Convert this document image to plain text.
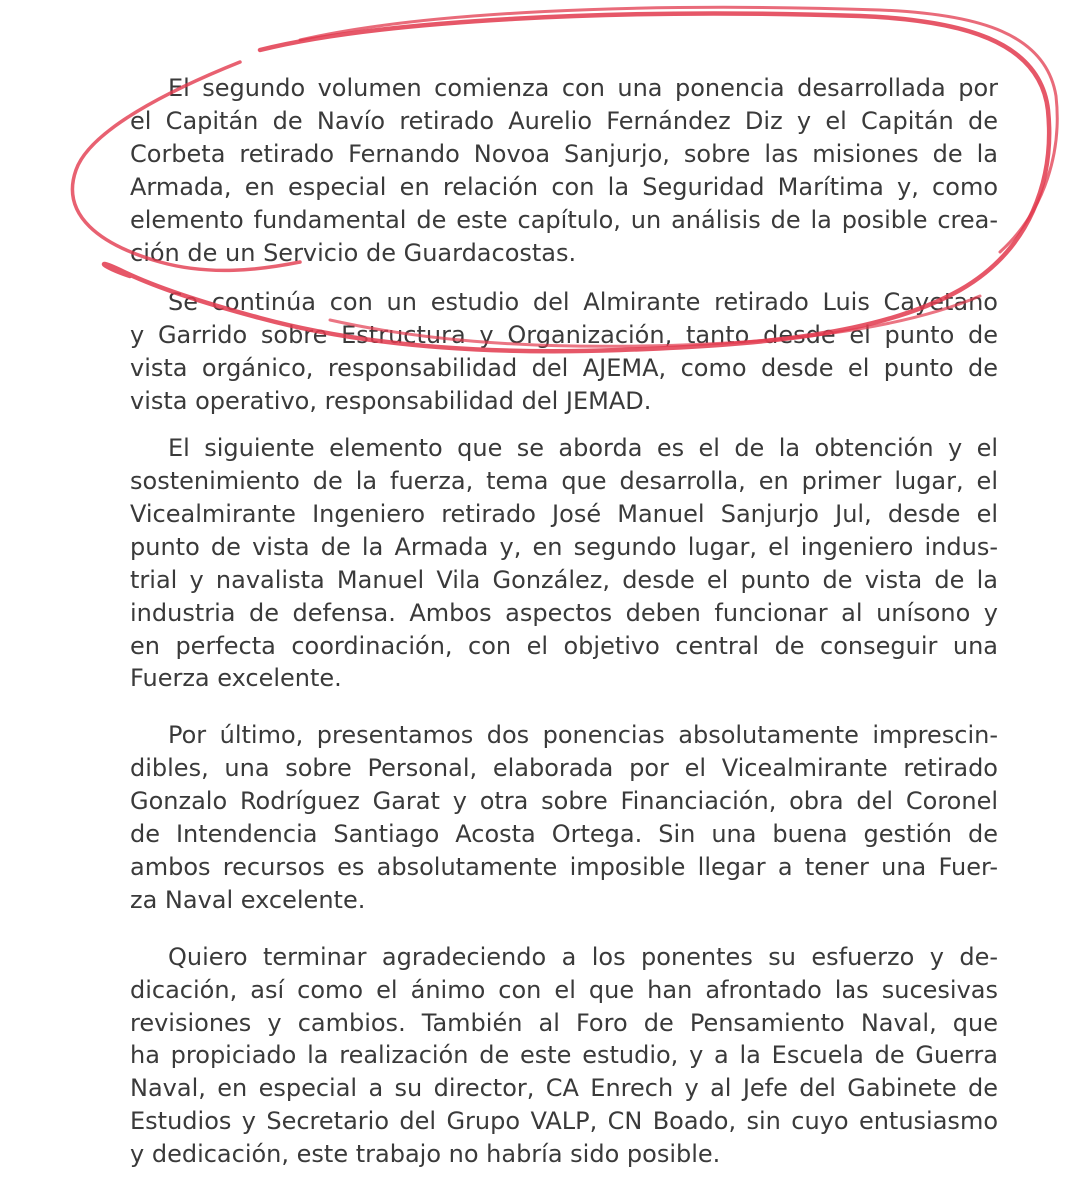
El segundo volumen comienza con una ponencia desarrollada por
el Capitán de Navío retirado Aurelio Fernández Diz y el Capitán de
Corbeta retirado Fernando Novoa Sanjurjo, sobre las misiones de la
Armada, en especial en relación con la Seguridad Marítima y, como
elemento fundamental de este capítulo, un análisis de la posible crea-
ción de un Servicio de Guardacostas.

Se continúa con un estudio del Almirante retirado Luis Cayetano
y Garrido sobre Estructura y Organización, tanto desde el punto de
vista orgánico, responsabilidad del AJEMA, como desde el punto de
vista operativo, responsabilidad del JEMAD.

El siguiente elemento que se aborda es el de la obtención y el
sostenimiento de la fuerza, tema que desarrolla, en primer lugar, el
Vicealmirante Ingeniero retirado José Manuel Sanjurjo Jul, desde el
punto de vista de la Armada y, en segundo lugar, el ingeniero indus-
trial y navalista Manuel Vila González, desde el punto de vista de la
industria de defensa. Ambos aspectos deben funcionar al unísono y
en perfecta coordinación, con el objetivo central de conseguir una
Fuerza excelente.

Por último, presentamos dos ponencias absolutamente imprescin-
dibles, una sobre Personal, elaborada por el Vicealmirante retirado
Gonzalo Rodríguez Garat y otra sobre Financiación, obra del Coronel
de Intendencia Santiago Acosta Ortega. Sin una buena gestión de
ambos recursos es absolutamente imposible llegar a tener una Fuer-
za Naval excelente.

Quiero terminar agradeciendo a los ponentes su esfuerzo y de-
dicación, así como el ánimo con el que han afrontado las sucesivas
revisiones y cambios. También al Foro de Pensamiento Naval, que
ha propiciado la realización de este estudio, y a la Escuela de Guerra
Naval, en especial a su director, CA Enrech y al Jefe del Gabinete de
Estudios y Secretario del Grupo VALP, CN Boado, sin cuyo entusiasmo
y dedicación, este trabajo no habría sido posible.
